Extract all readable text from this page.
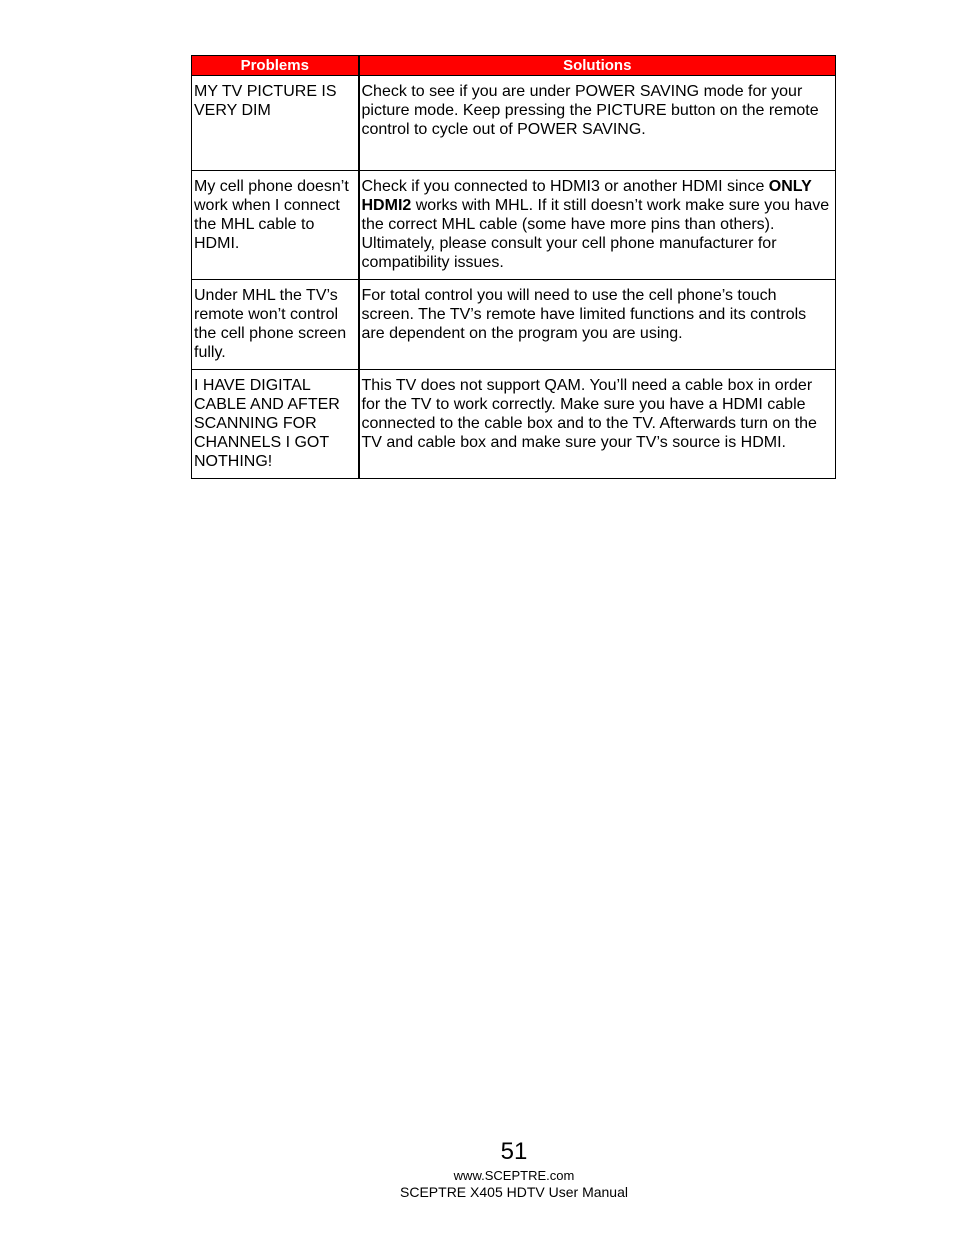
Problems	Solutions
MY TV PICTURE IS VERY DIM	Check to see if you are under POWER SAVING mode for your picture mode. Keep pressing the PICTURE button on the remote control to cycle out of POWER SAVING.
My cell phone doesn’t work when I connect the MHL cable to HDMI.	Check if you connected to HDMI3 or another HDMI since ONLY HDMI2 works with MHL. If it still doesn’t work make sure you have the correct MHL cable (some have more pins than others). Ultimately, please consult your cell phone manufacturer for compatibility issues.
Under MHL the TV’s remote won’t control the cell phone screen fully.	For total control you will need to use the cell phone’s touch screen. The TV’s remote have limited functions and its controls are dependent on the program you are using.
I HAVE DIGITAL CABLE AND AFTER SCANNING FOR CHANNELS I GOT NOTHING!	This TV does not support QAM. You’ll need a cable box in order for the TV to work correctly. Make sure you have a HDMI cable connected to the cable box and to the TV. Afterwards turn on the TV and cable box and make sure your TV’s source is HDMI.
51
www.SCEPTRE.com
SCEPTRE X405 HDTV User Manual
